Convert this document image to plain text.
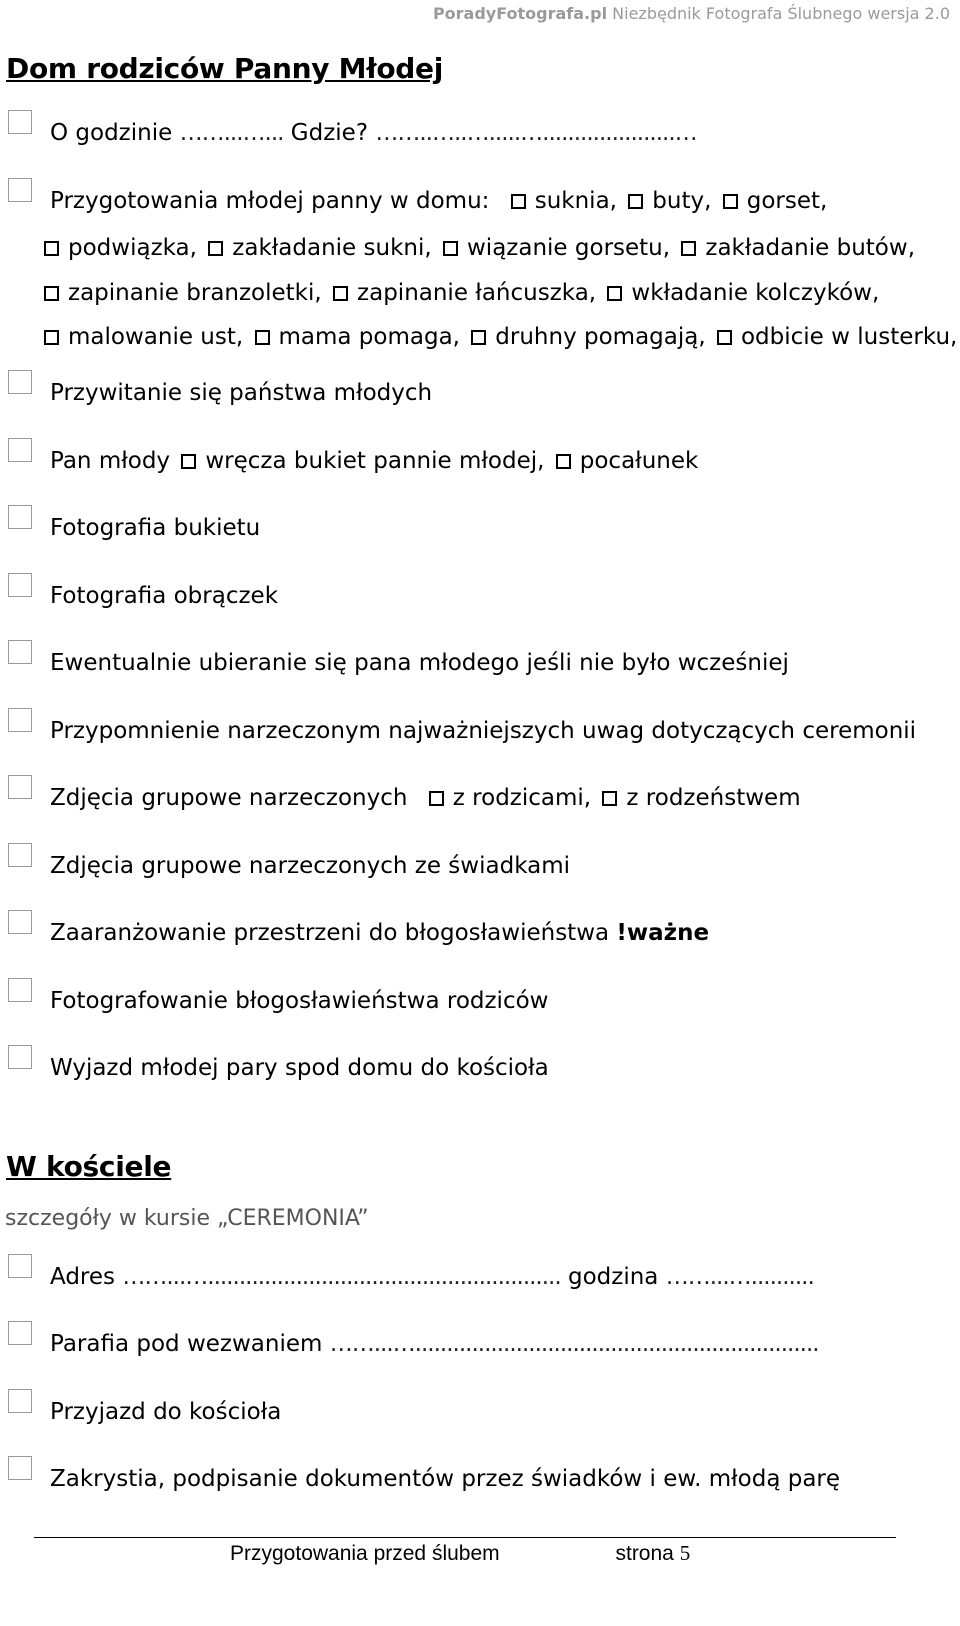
PoradyFotografa.pl Niezbędnik Fotografa Ślubnego wersja 2.0
Dom rodziców Panny Młodej
O godzinie ……...…... Gdzie? ……..…..….....….....................…
Przygotowania młodej panny w domu: suknia, buty, gorset,
podwiązka, zakładanie sukni, wiązanie gorsetu, zakładanie butów,
zapinanie branzoletki, zapinanie łańcuszka, wkładanie kolczyków,
malowanie ust, mama pomaga, druhny pomagają, odbicie w lusterku,
Przywitanie się państwa młodych
Pan młody wręcza bukiet pannie młodej, pocałunek
Fotografia bukietu
Fotografia obrączek
Ewentualnie ubieranie się pana młodego jeśli nie było wcześniej
Przypomnienie narzeczonym najważniejszych uwag dotyczących ceremonii
Zdjęcia grupowe narzeczonych z rodzicami, z rodzeństwem
Zdjęcia grupowe narzeczonych ze świadkami
Zaaranżowanie przestrzeni do błogosławieństwa !ważne
Fotografowanie błogosławieństwa rodziców
Wyjazd młodej pary spod domu do kościoła
W kościele
szczegóły w kursie „CEREMONIA”
Adres ……...…........................................................ godzina ……...…..........
Parafia pod wezwaniem ……...…................................................................
Przyjazd do kościoła
Zakrystia, podpisanie dokumentów przez świadków i ew. młodą parę
Przygotowania przed ślubem	strona 5
